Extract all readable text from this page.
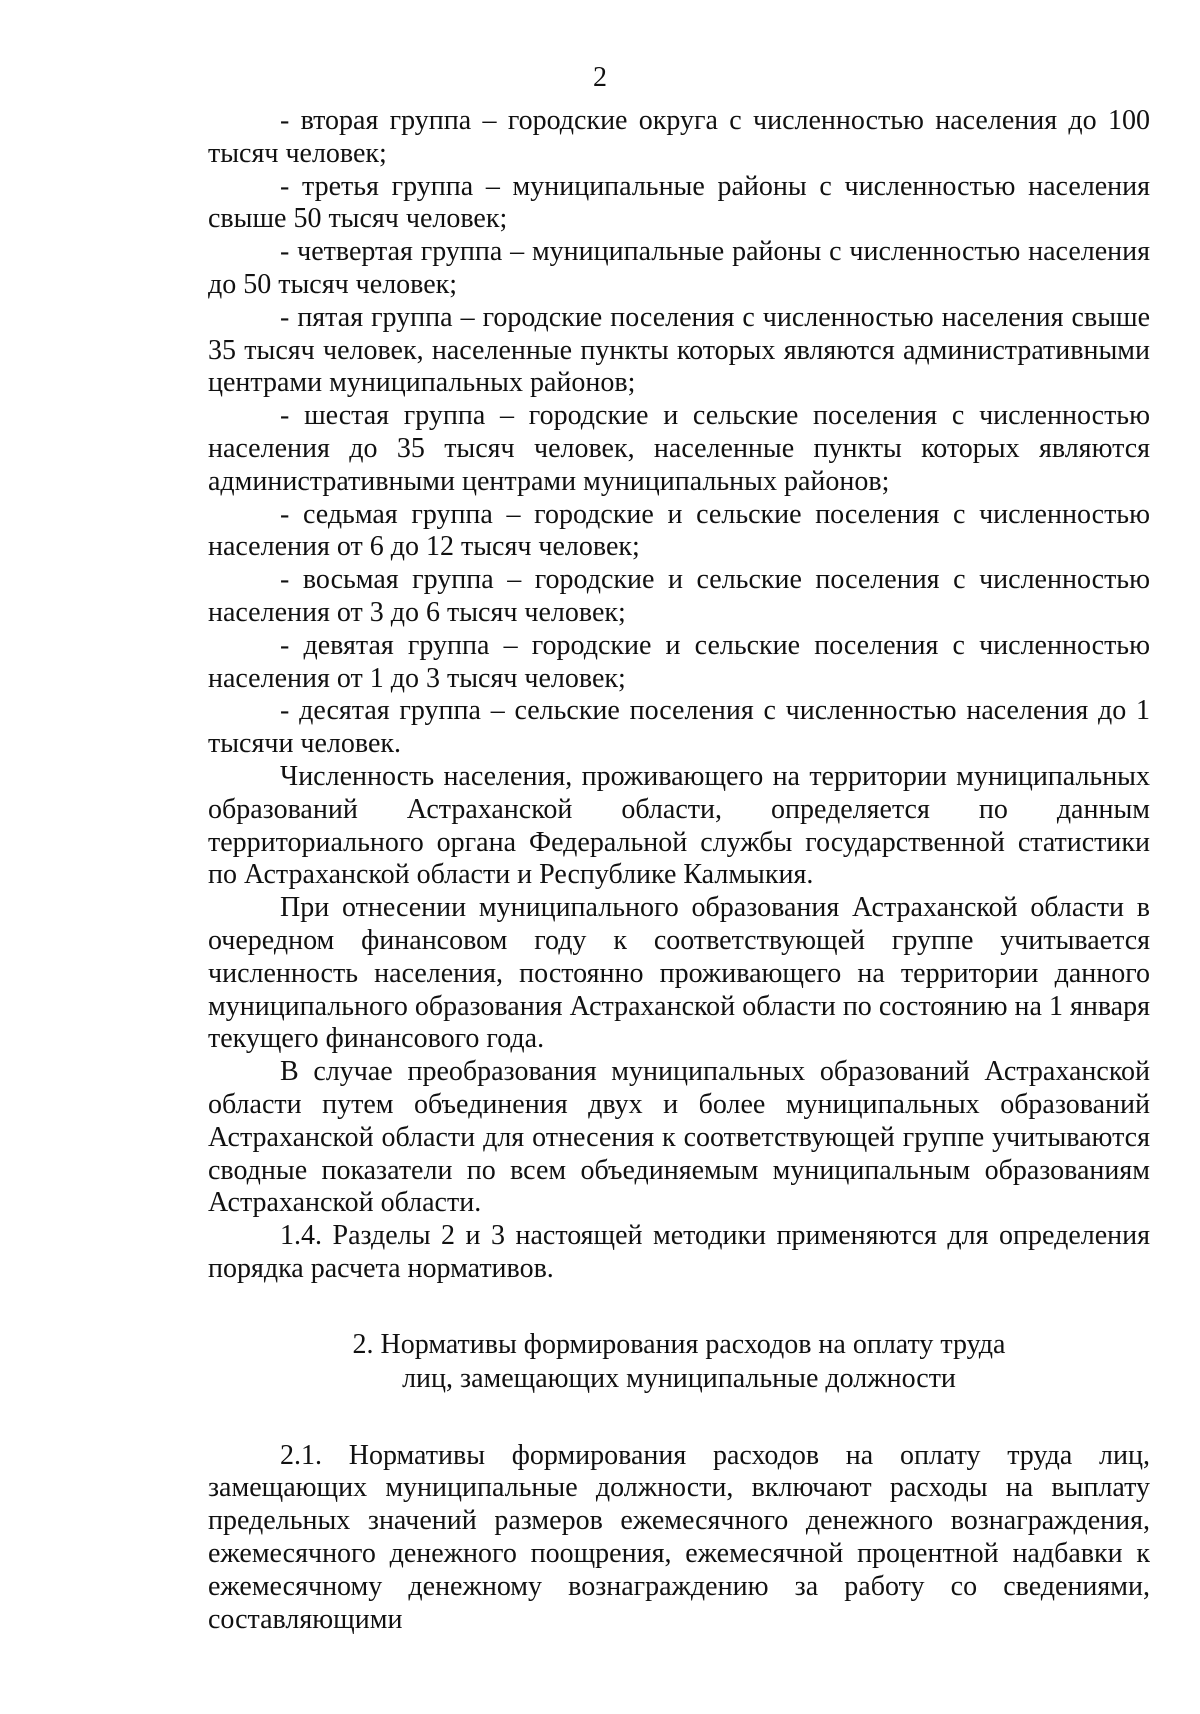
2

- вторая группа – городские округа с численностью населения до 100 тысяч человек;

- третья группа – муниципальные районы с численностью населения свыше 50 тысяч человек;

- четвертая группа – муниципальные районы с численностью населения до 50 тысяч человек;

- пятая группа – городские поселения с численностью населения свыше 35 тысяч человек, населенные пункты которых являются административными центрами муниципальных районов;

- шестая группа – городские и сельские поселения с численностью населения до 35 тысяч человек, населенные пункты которых являются административными центрами муниципальных районов;

- седьмая группа – городские и сельские поселения с численностью населения от 6 до 12 тысяч человек;

- восьмая группа – городские и сельские поселения с численностью населения от 3 до 6 тысяч человек;

- девятая группа – городские и сельские поселения с численностью населения от 1 до 3 тысяч человек;

- десятая группа – сельские поселения с численностью населения до 1 тысячи человек.

Численность населения, проживающего на территории муниципальных образований Астраханской области, определяется по данным территориального органа Федеральной службы государственной статистики по Астраханской области и Республике Калмыкия.

При отнесении муниципального образования Астраханской области в очередном финансовом году к соответствующей группе учитывается численность населения, постоянно проживающего на территории данного муниципального образования Астраханской области по состоянию на 1 января текущего финансового года.

В случае преобразования муниципальных образований Астраханской области путем объединения двух и более муниципальных образований Астраханской области для отнесения к соответствующей группе учитываются сводные показатели по всем объединяемым муниципальным образованиям Астраханской области.

1.4. Разделы 2 и 3 настоящей методики применяются для определения порядка расчета нормативов.

2. Нормативы формирования расходов на оплату труда
лиц, замещающих муниципальные должности

2.1. Нормативы формирования расходов на оплату труда лиц, замещающих муниципальные должности, включают расходы на выплату предельных значений размеров ежемесячного денежного вознаграждения, ежемесячного денежного поощрения, ежемесячной процентной надбавки к ежемесячному денежному вознаграждению за работу со сведениями, составляющими
